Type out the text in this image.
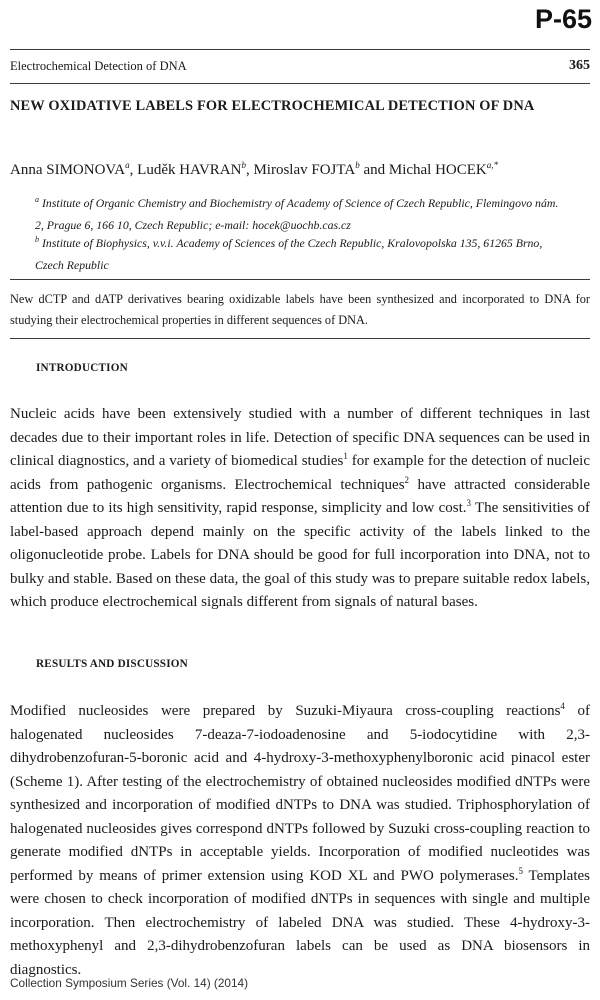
P-65
Electrochemical Detection of DNA	365
NEW OXIDATIVE LABELS FOR ELECTROCHEMICAL DETECTION OF DNA
Anna SIMONOVA$^a$, Luděk HAVRAN$^b$, Miroslav FOJTA$^b$ and Michal $HOCEK^{a,*}$
$^a$ Institute of Organic Chemistry and Biochemistry of Academy of Science of Czech Republic, Flemingovo nám. 2, Prague 6, 166 10, Czech Republic; e-mail: hocek@uochb.cas.cz
$^b$ Institute of Biophysics, v.v.i. Academy of Sciences of the Czech Republic, Kralovopolska 135, 61265 Brno, Czech Republic

New dCTP and dATP derivatives bearing oxidizable labels have been synthesized and incorporated to DNA for studying their electrochemical properties in different sequences of DNA.

INTRODUCTION

Nucleic acids have been extensively studied with a number of different techniques in last decades due to their important roles in life. Detection of specific DNA sequences can be used in clinical diagnostics, and a variety of biomedical studies$^1$ for example for the detection of nucleic acids from pathogenic organisms. Electrochemical techniques$^2$ have attracted considerable attention due to its high sensitivity, rapid response, simplicity and low cost.$^3$ The sensitivities of label-based approach depend mainly on the specific activity of the labels linked to the oligonucleotide probe. Labels for DNA should be good for full incorporation into DNA, not to bulky and stable. Based on these data, the goal of this study was to prepare suitable redox labels, which produce electrochemical signals different from signals of natural bases.

RESULTS AND DISCUSSION

Modified nucleosides were prepared by Suzuki-Miyaura cross-coupling reactions$^4$ of halogenated nucleosides 7-deaza-7-iodoadenosine and 5-iodocytidine with 2,3-dihydrobenzofuran-5-boronic acid and 4-hydroxy-3-methoxyphenylboronic acid pinacol ester (Scheme 1). After testing of the electrochemistry of obtained nucleosides modified dNTPs were synthesized and incorporation of modified dNTPs to DNA was studied. Triphosphorylation of halogenated nucleosides gives correspond dNTPs followed by Suzuki cross-coupling reaction to generate modified dNTPs in acceptable yields. Incorporation of modified nucleotides was performed by means of primer extension using KOD XL and PWO polymerases.$^5$ Templates were chosen to check incorporation of modified dNTPs in sequences with single and multiple incorporation. Then electrochemistry of labeled DNA was studied. These 4-hydroxy-3-methoxyphenyl and 2,3-dihydrobenzofuran labels can be used as DNA biosensors in diagnostics.

Collection Symposium Series (Vol. 14) (2014)
